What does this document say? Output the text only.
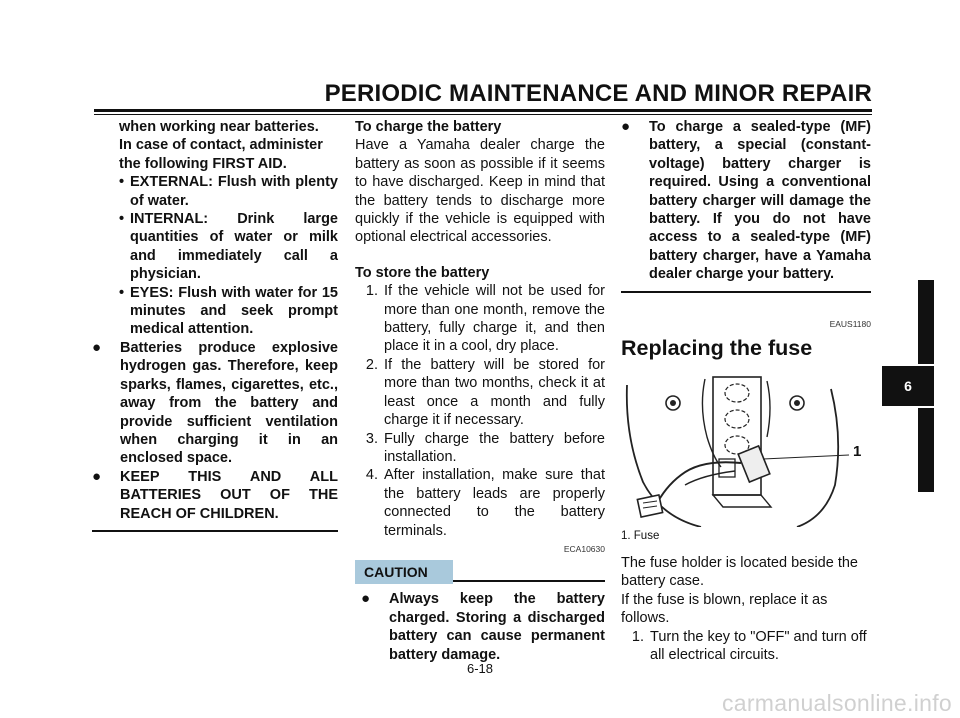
PERIODIC MAINTENANCE AND MINOR REPAIR
when working near batteries.
In case of contact, administer
the following FIRST AID.
• EXTERNAL: Flush with plenty of water.
• INTERNAL: Drink large quantities of water or milk and immediately call a physician.
• EYES: Flush with water for 15 minutes and seek prompt medical attention.
●	Batteries produce explosive hydrogen gas. Therefore, keep sparks, flames, cigarettes, etc., away from the battery and provide sufficient ventilation when charging it in an enclosed space.
●	KEEP THIS AND ALL BATTERIES OUT OF THE REACH OF CHILDREN.
To charge the battery
Have a Yamaha dealer charge the battery as soon as possible if it seems to have discharged. Keep in mind that the battery tends to discharge more quickly if the vehicle is equipped with optional electrical accessories.
To store the battery
1. If the vehicle will not be used for more than one month, remove the battery, fully charge it, and then place it in a cool, dry place.
2. If the battery will be stored for more than two months, check it at least once a month and fully charge it if necessary.
3. Fully charge the battery before installation.
4. After installation, make sure that the battery leads are properly connected to the battery terminals.
ECA10630
CAUTION
●	Always keep the battery charged. Storing a discharged battery can cause permanent battery damage.
●	To charge a sealed-type (MF) battery, a special (constant-voltage) battery charger is required. Using a conventional battery charger will damage the battery. If you do not have access to a sealed-type (MF) battery charger, have a Yamaha dealer charge your battery.
EAUS1180
Replacing the fuse
1
1. Fuse
The fuse holder is located beside the battery case.
If the fuse is blown, replace it as follows.
1. Turn the key to "OFF" and turn off all electrical circuits.
6-18
6
carmanualsonline.info
